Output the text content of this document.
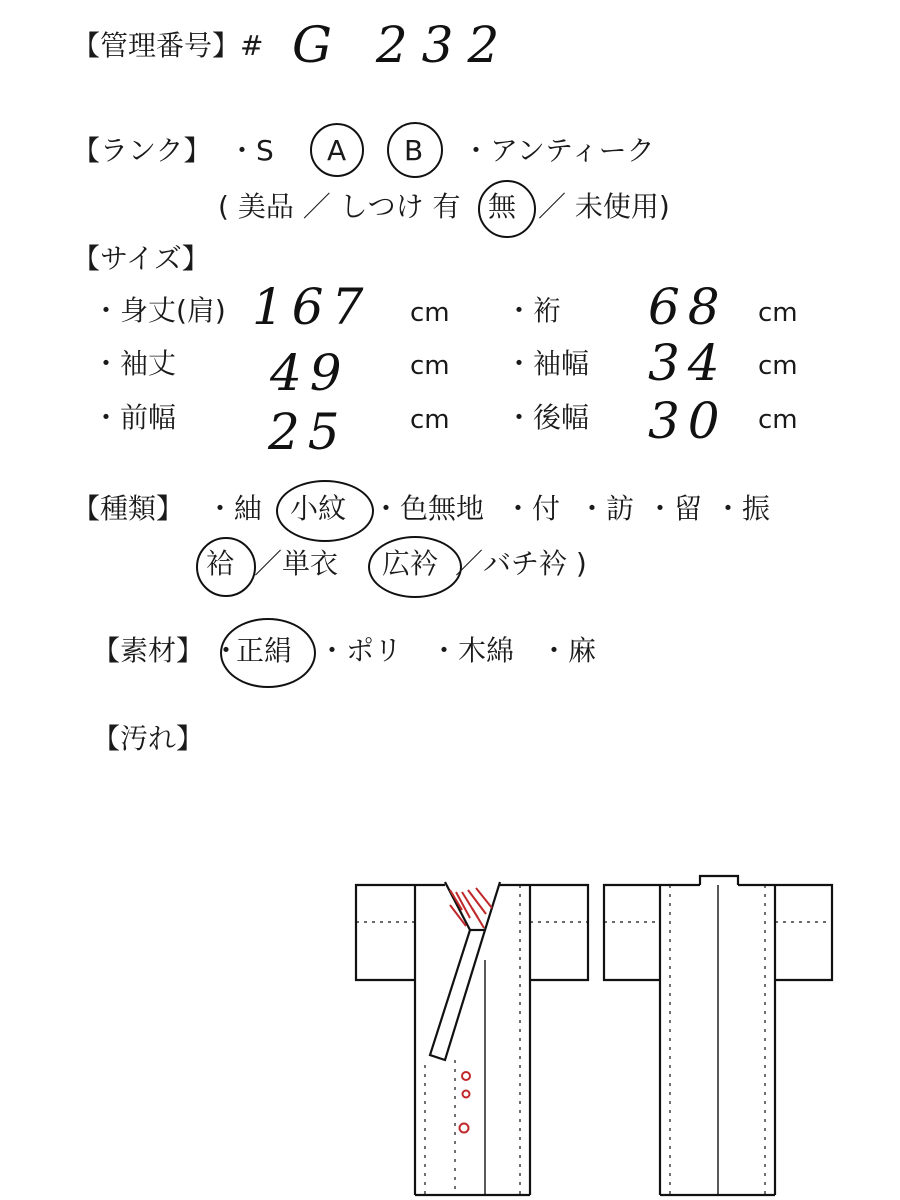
【管理番号】# G 232
【ランク】 ・S A B ・アンティーク
( 美品 ／ しつけ 有 無 ／ 未使用)
【サイズ】
・身丈(肩) 167 cm ・裄 68 cm
・袖丈 49 cm ・袖幅 34 cm
・前幅 25 cm ・後幅 30 cm
【種類】 ・紬 小紋 ・色無地 ・付 ・訪 ・留 ・振
袷 ／単衣 広衿 ／バチ衿 )
【素材】 ・
正絹 ・ポリ ・木綿 ・麻
【汚れ】
